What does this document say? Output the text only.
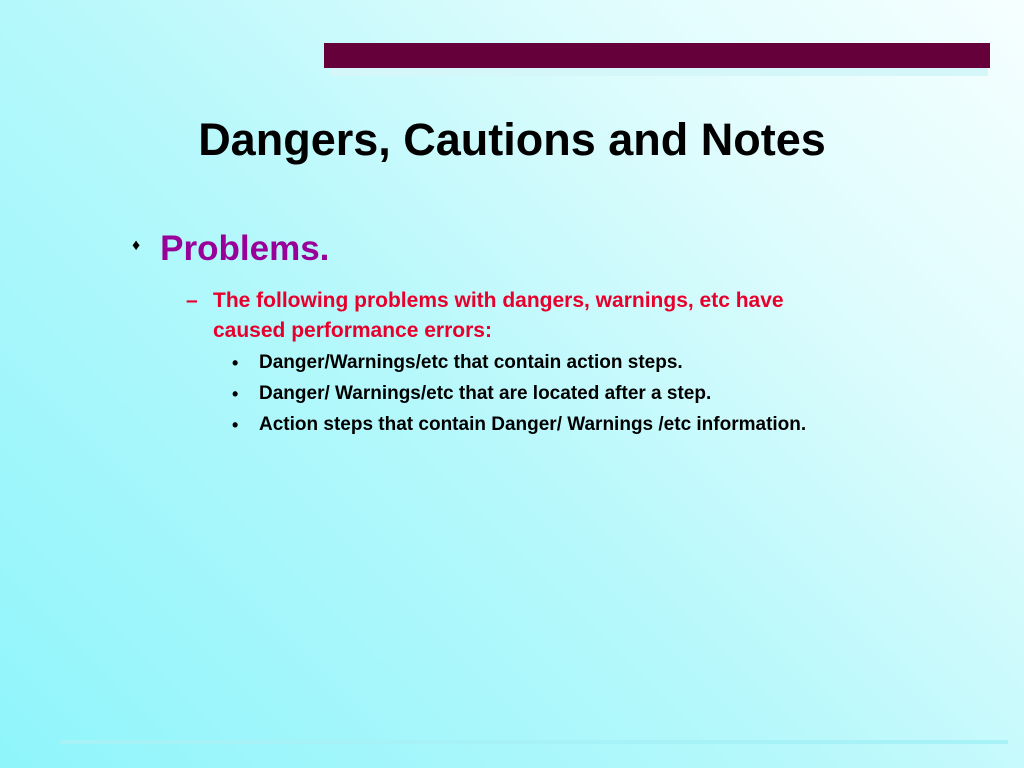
Dangers, Cautions and Notes
♦ Problems.
– The following problems with dangers, warnings, etc have caused performance errors:
•	Danger/Warnings/etc that contain action steps.
•	Danger/ Warnings/etc that are located after a step.
•	Action steps that contain Danger/ Warnings /etc information.
